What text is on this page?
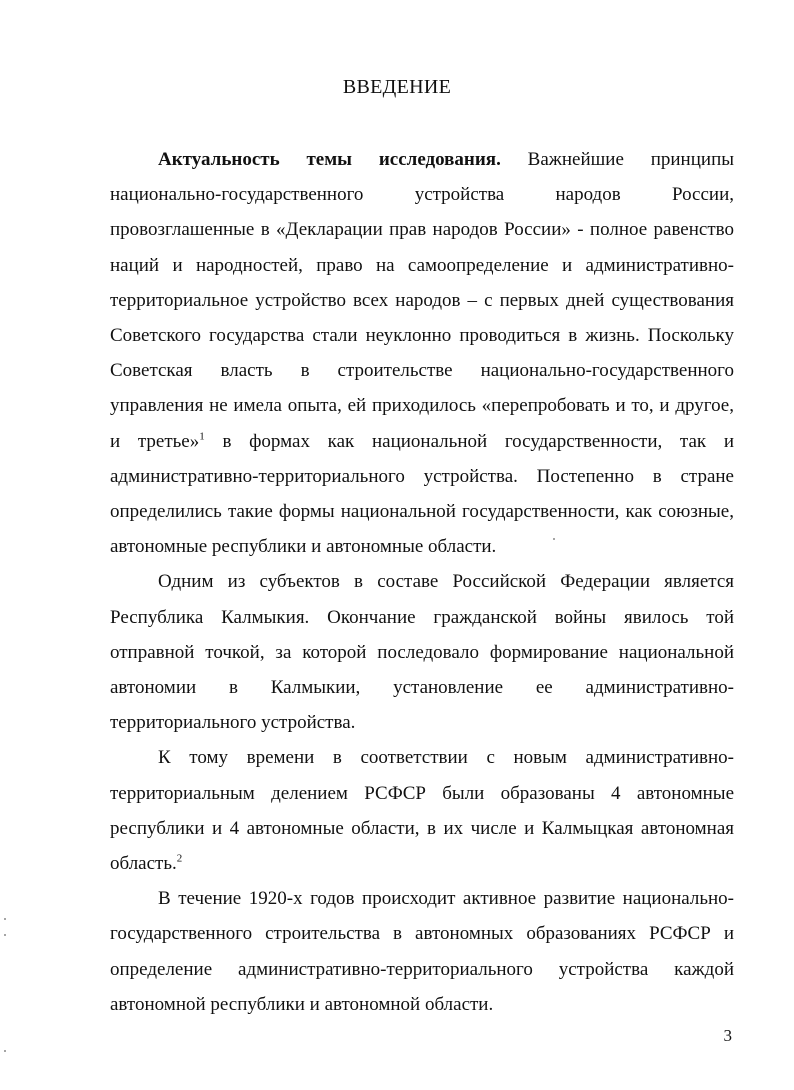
ВВЕДЕНИЕ

Актуальность темы исследования. Важнейшие принципы национально-государственного устройства народов России, провозглашенные в «Декларации прав народов России» - полное равенство наций и народностей, право на самоопределение и административно-территориальное устройство всех народов – с первых дней существования Советского государства стали неуклонно проводиться в жизнь. Поскольку Советская власть в строительстве национально-государственного управления не имела опыта, ей приходилось «перепробовать и то, и другое, и третье»$^1$ в формах как национальной государственности, так и административно-территориального устройства. Постепенно в стране определились такие формы национальной государственности, как союзные, автономные республики и автономные области.

Одним из субъектов в составе Российской Федерации является Республика Калмыкия. Окончание гражданской войны явилось той отправной точкой, за которой последовало формирование национальной автономии в Калмыкии, установление ее административно-территориального устройства.

К тому времени в соответствии с новым административно-территориальным делением РСФСР были образованы 4 автономные республики и 4 автономные области, в их числе и Калмыцкая автономная область.$^2$

В течение 1920-х годов происходит активное развитие национально-государственного строительства в автономных образованиях РСФСР и определение административно-территориального устройства каждой автономной республики и автономной области.

3
